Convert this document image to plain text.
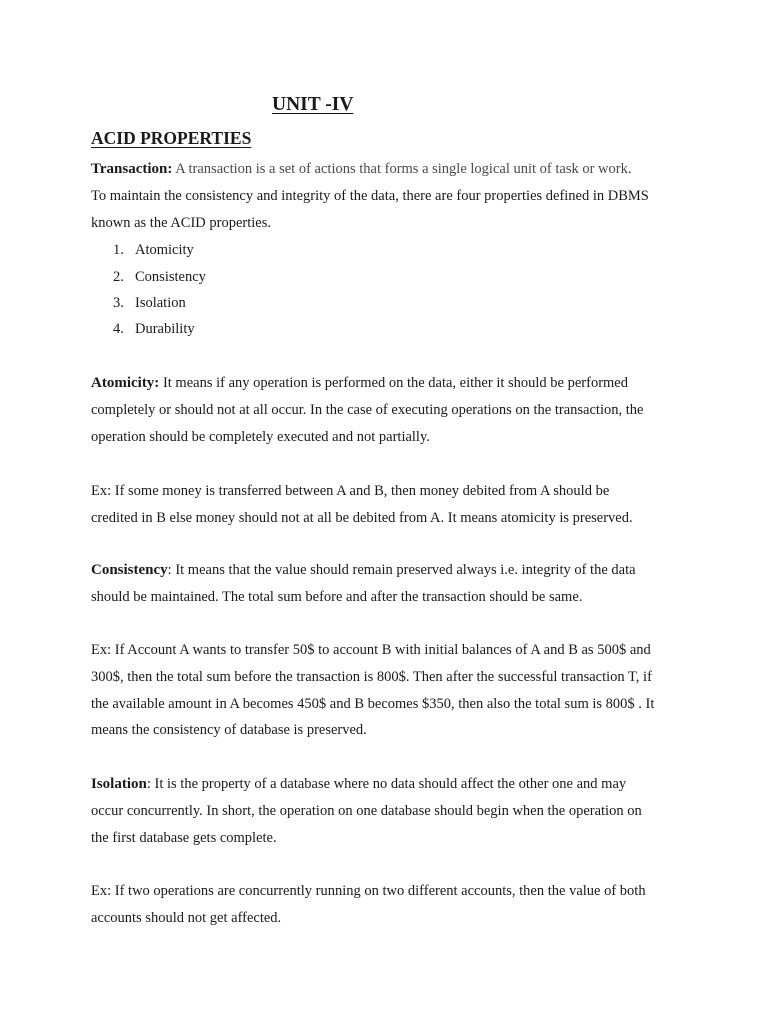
UNIT -IV
ACID PROPERTIES

Transaction: A transaction is a set of actions that forms a single logical unit of task or work.

To maintain the consistency and integrity of the data, there are four properties defined in DBMS

known as the ACID properties.

1. Atomicity
2. Consistency
3. Isolation
4. Durability

Atomicity: It means if any operation is performed on the data, either it should be performed

completely or should not at all occur. In the case of executing operations on the transaction, the

operation should be completely executed and not partially.

Ex: If some money is transferred between A and B, then money debited from A should be

credited in B else money should not at all be debited from A. It means atomicity is preserved.

Consistency: It means that the value should remain preserved always i.e. integrity of the data

should be maintained. The total sum before and after the transaction should be same.

Ex: If Account A wants to transfer 50$ to account B with initial balances of A and B as 500$ and

300$, then the total sum before the transaction is 800$. Then after the successful transaction T, if

the available amount in A becomes 450$ and B becomes $350, then also the total sum is 800$ . It

means the consistency of database is preserved.

Isolation: It is the property of a database where no data should affect the other one and may

occur concurrently. In short, the operation on one database should begin when the operation on

the first database gets complete.

Ex: If two operations are concurrently running on two different accounts, then the value of both

accounts should not get affected.
